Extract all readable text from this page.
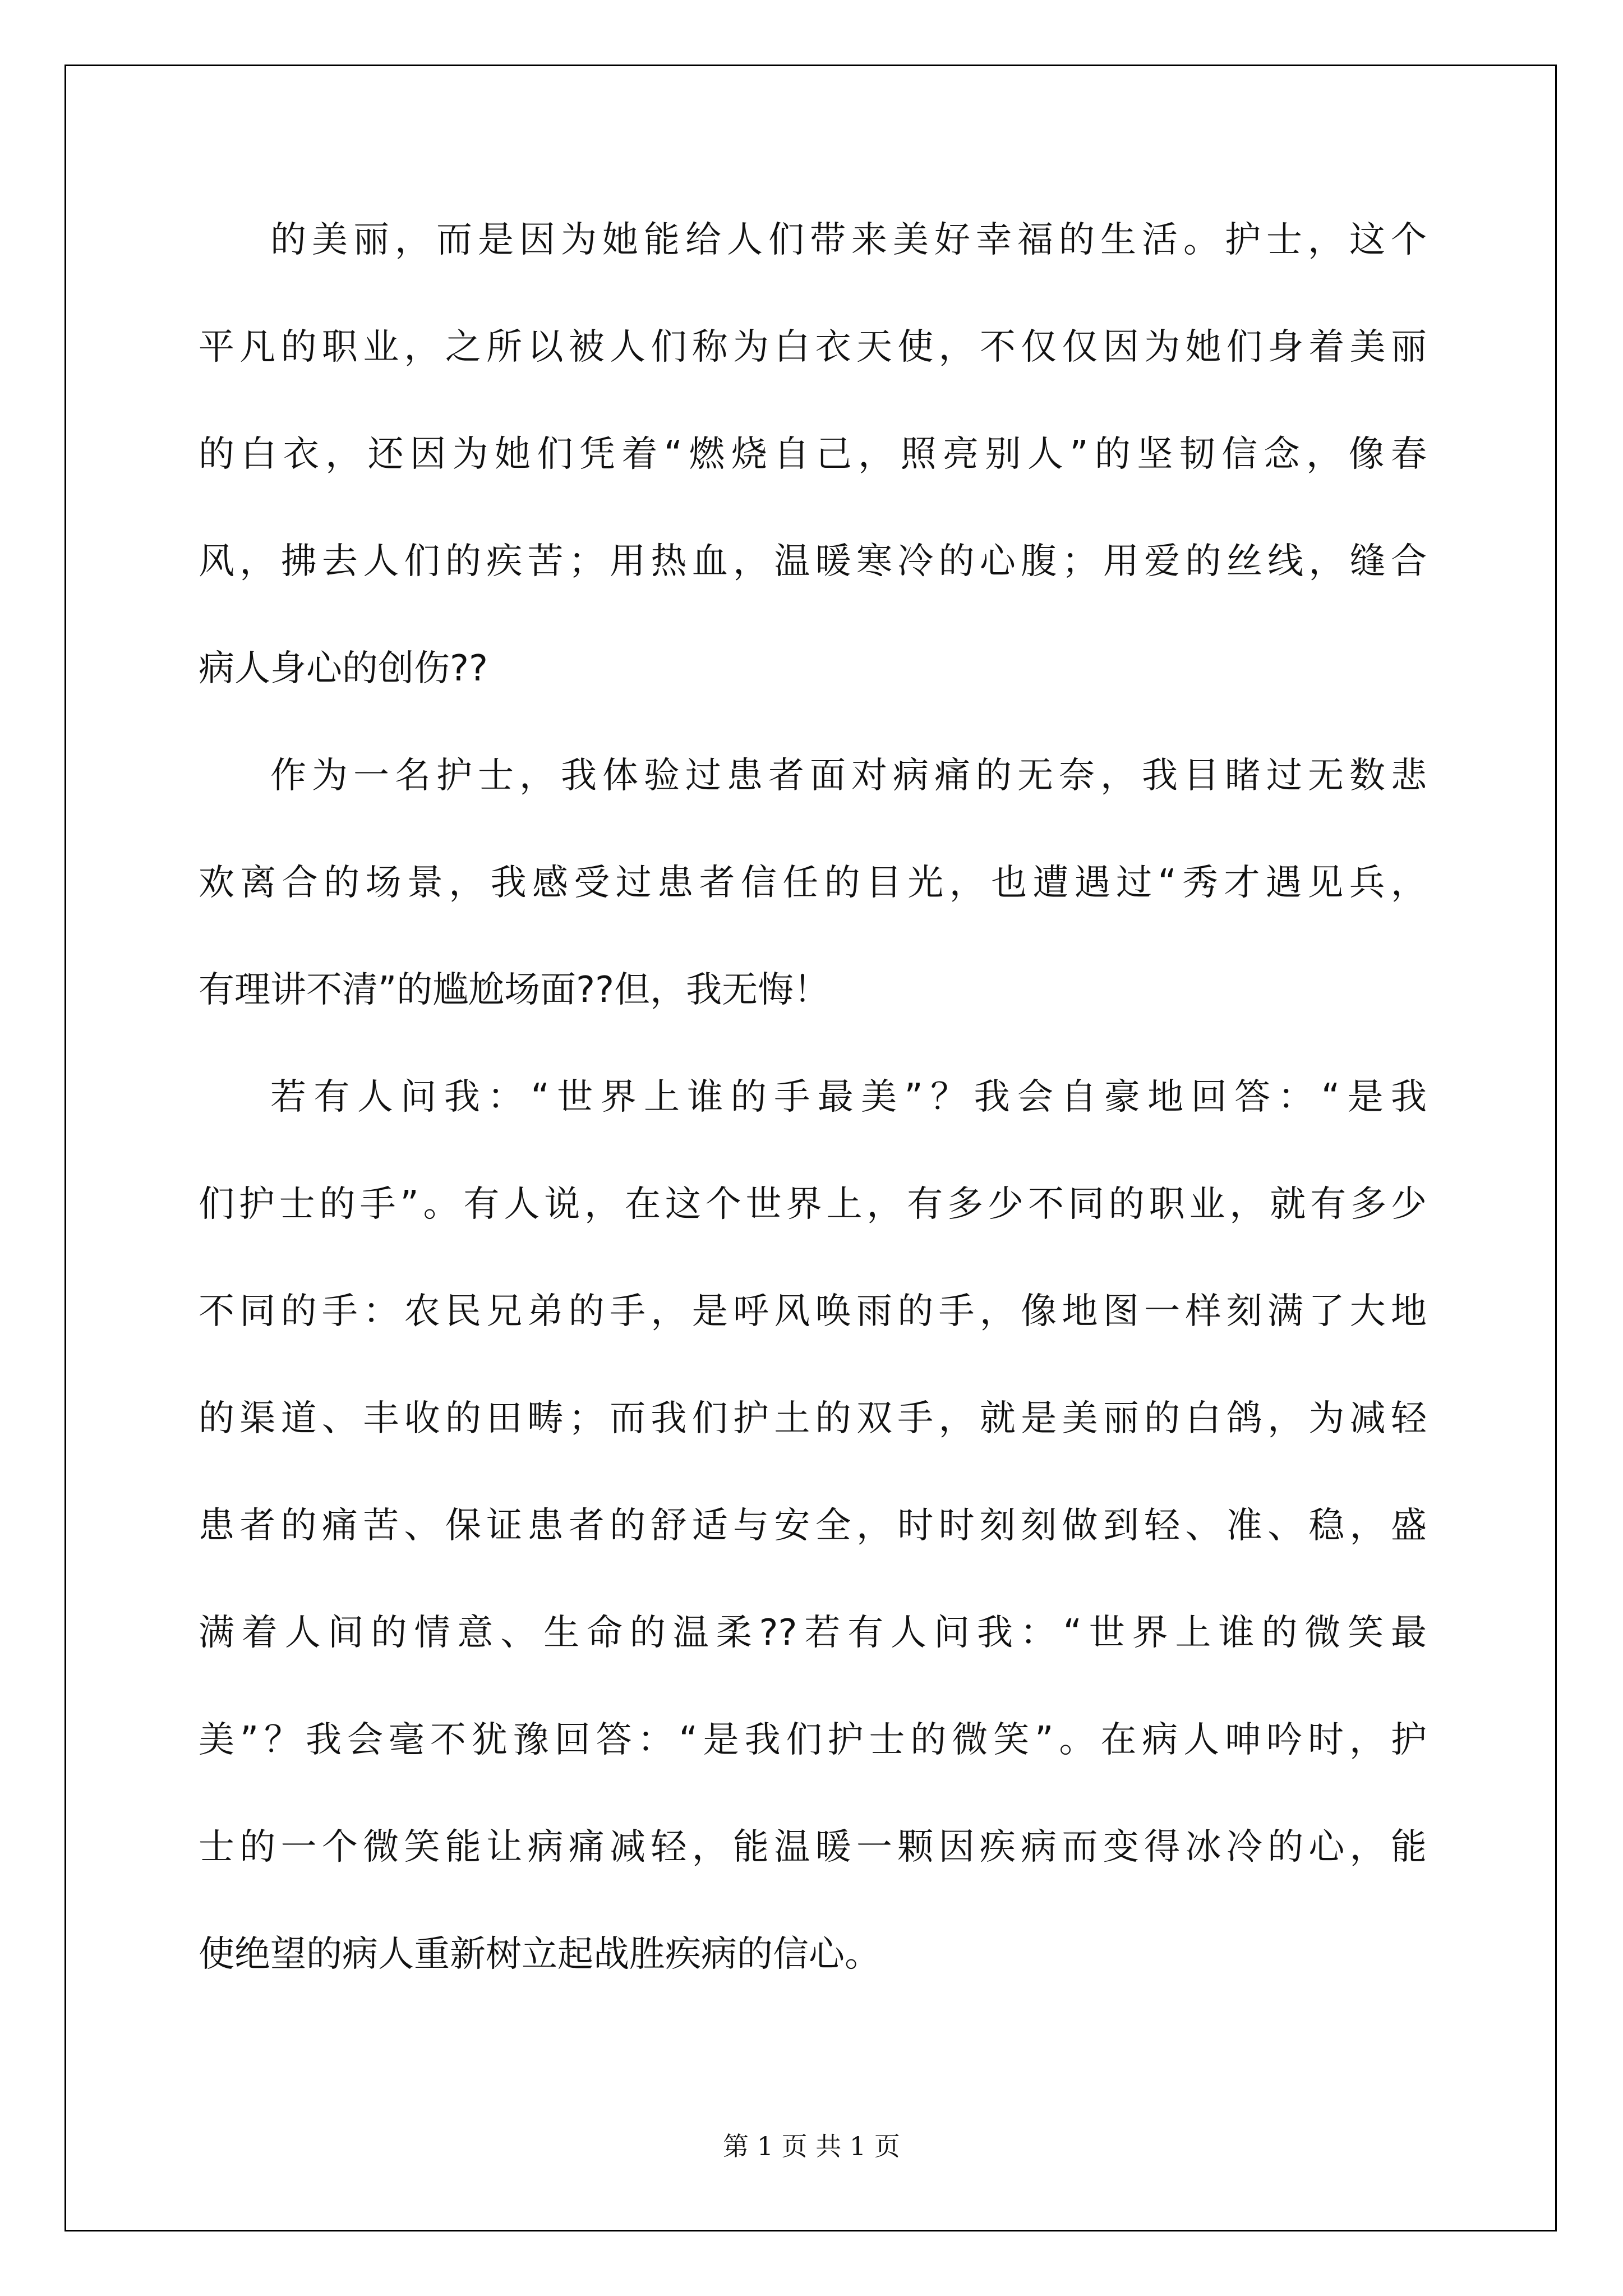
的美丽，而是因为她能给人们带来美好幸福的生活。护士，这个
平凡的职业，之所以被人们称为白衣天使，不仅仅因为她们身着美丽
的白衣，还因为她们凭着“燃烧自己，照亮别人”的坚韧信念，像春
风，拂去人们的疾苦；用热血，温暖寒冷的心腹；用爱的丝线，缝合
病人身心的创伤??
作为一名护士，我体验过患者面对病痛的无奈，我目睹过无数悲
欢离合的场景，我感受过患者信任的目光，也遭遇过“秀才遇见兵，
有理讲不清”的尴尬场面??但，我无悔！
若有人问我：“世界上谁的手最美”？我会自豪地回答：“是我
们护士的手”。有人说，在这个世界上，有多少不同的职业，就有多少
不同的手：农民兄弟的手，是呼风唤雨的手，像地图一样刻满了大地
的渠道、丰收的田畴；而我们护土的双手，就是美丽的白鸽，为减轻
患者的痛苦、保证患者的舒适与安全，时时刻刻做到轻、准、稳，盛
满着人间的情意、生命的温柔??若有人问我：“世界上谁的微笑最
美”？我会毫不犹豫回答：“是我们护士的微笑”。在病人呻吟时，护
士的一个微笑能让病痛减轻，能温暖一颗因疾病而变得冰冷的心，能
使绝望的病人重新树立起战胜疾病的信心。
第 1 页 共 1 页
